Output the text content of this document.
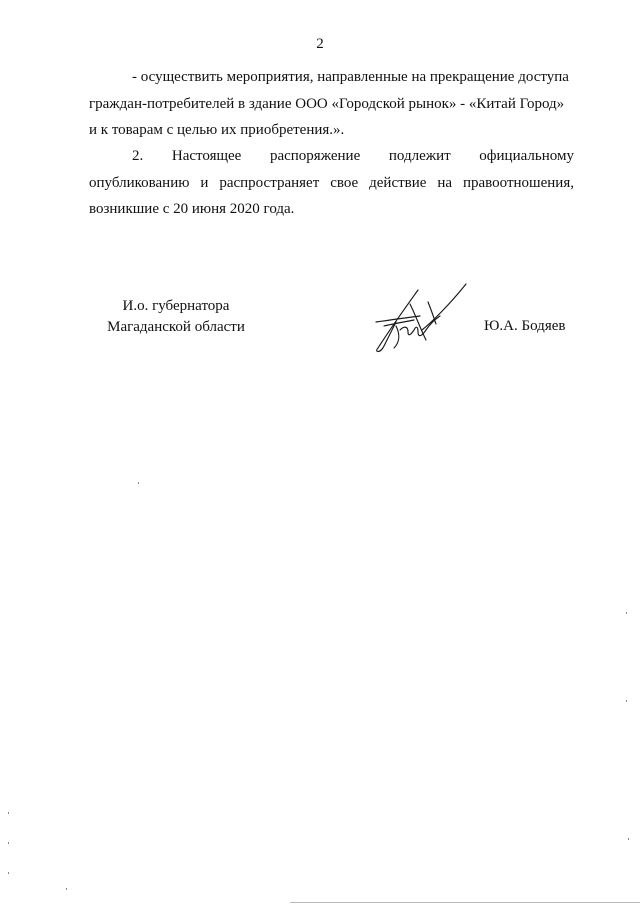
2
- осуществить мероприятия, направленные на прекращение доступа
граждан-потребителей в здание ООО «Городской рынок» - «Китай Город»
и к товарам с целью их приобретения.».
2. Настоящее распоряжение подлежит официальному
опубликованию и распространяет свое действие на правоотношения,
возникшие с 20 июня 2020 года.
И.о. губернатора
Магаданской области	Ю.А. Бодяев
